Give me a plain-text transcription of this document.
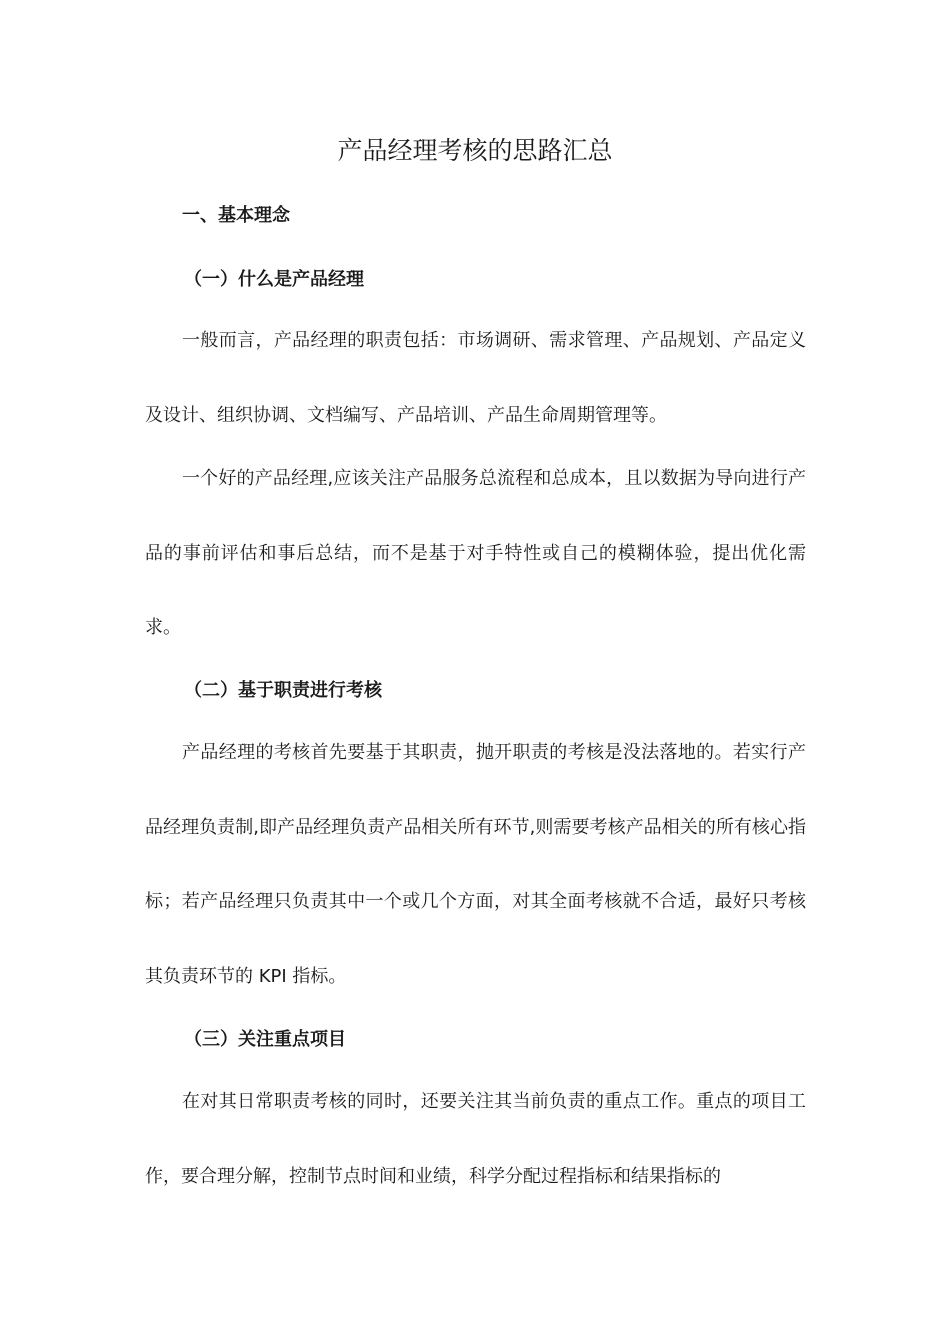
产品经理考核的思路汇总
一、基本理念
（一）什么是产品经理

一般而言，产品经理的职责包括：市场调研、需求管理、产品规划、产品定义及设计、组织协调、文档编写、产品培训、产品生命周期管理等。

一个好的产品经理,应该关注产品服务总流程和总成本，且以数据为导向进行产品的事前评估和事后总结，而不是基于对手特性或自己的模糊体验，提出优化需求。

（二）基于职责进行考核

产品经理的考核首先要基于其职责，抛开职责的考核是没法落地的。若实行产品经理负责制,即产品经理负责产品相关所有环节,则需要考核产品相关的所有核心指标；若产品经理只负责其中一个或几个方面，对其全面考核就不合适，最好只考核其负责环节的 KPI 指标。

（三）关注重点项目

在对其日常职责考核的同时，还要关注其当前负责的重点工作。重点的项目工作，要合理分解，控制节点时间和业绩，科学分配过程指标和结果指标的
